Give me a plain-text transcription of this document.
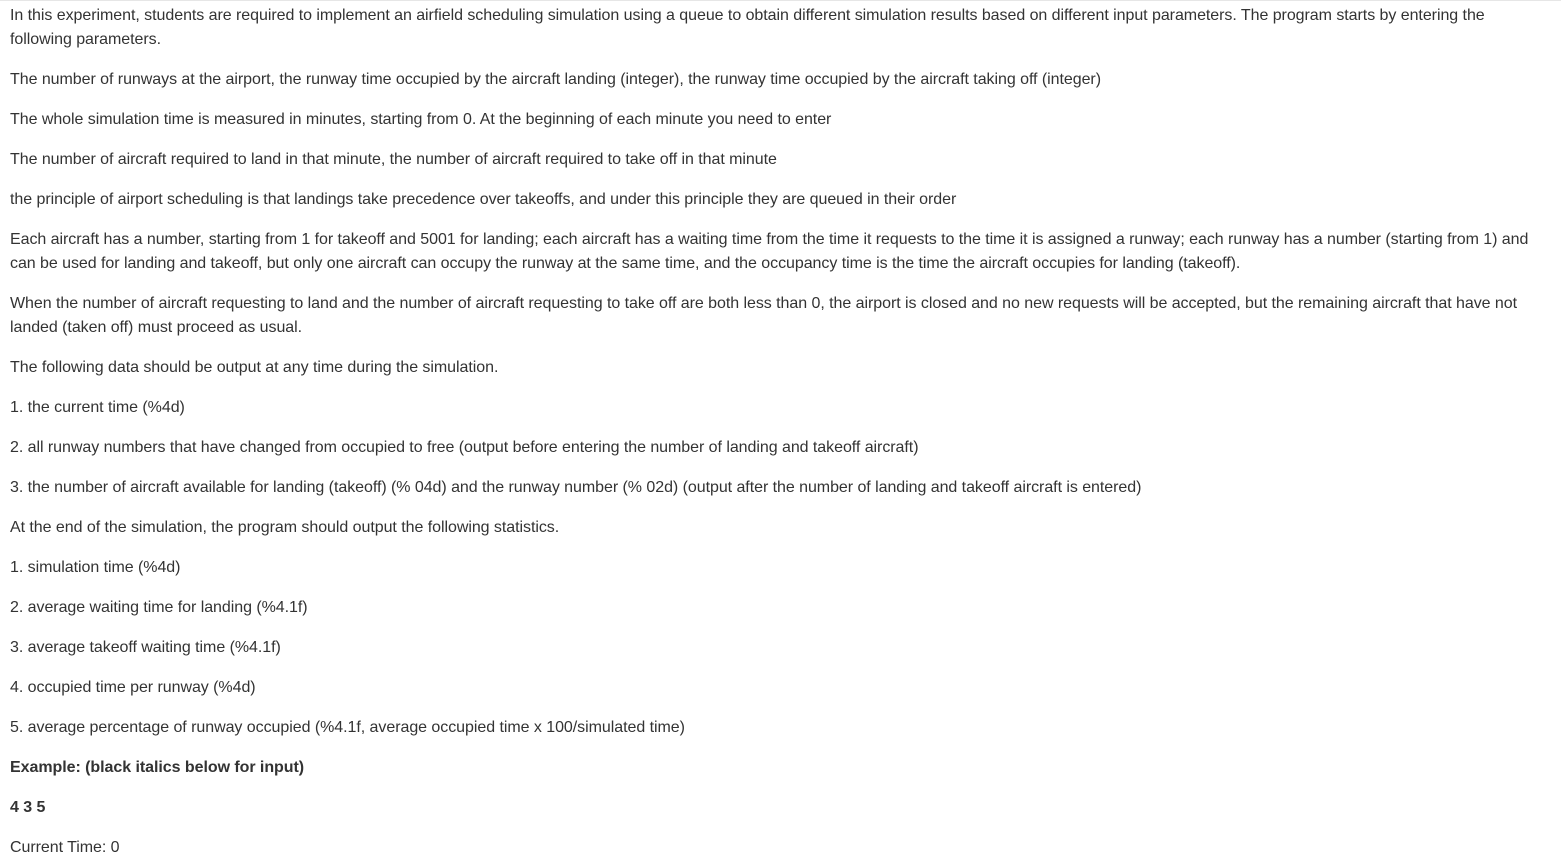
In this experiment, students are required to implement an airfield scheduling simulation using a queue to obtain different simulation results based on different input parameters. The program starts by entering the following parameters.

The number of runways at the airport, the runway time occupied by the aircraft landing (integer), the runway time occupied by the aircraft taking off (integer)

The whole simulation time is measured in minutes, starting from 0. At the beginning of each minute you need to enter

The number of aircraft required to land in that minute, the number of aircraft required to take off in that minute

the principle of airport scheduling is that landings take precedence over takeoffs, and under this principle they are queued in their order

Each aircraft has a number, starting from 1 for takeoff and 5001 for landing; each aircraft has a waiting time from the time it requests to the time it is assigned a runway; each runway has a number (starting from 1) and can be used for landing and takeoff, but only one aircraft can occupy the runway at the same time, and the occupancy time is the time the aircraft occupies for landing (takeoff).

When the number of aircraft requesting to land and the number of aircraft requesting to take off are both less than 0, the airport is closed and no new requests will be accepted, but the remaining aircraft that have not landed (taken off) must proceed as usual.

The following data should be output at any time during the simulation.

1. the current time (%4d)

2. all runway numbers that have changed from occupied to free (output before entering the number of landing and takeoff aircraft)

3. the number of aircraft available for landing (takeoff) (% 04d) and the runway number (% 02d) (output after the number of landing and takeoff aircraft is entered)

At the end of the simulation, the program should output the following statistics.

1. simulation time (%4d)

2. average waiting time for landing (%4.1f)

3. average takeoff waiting time (%4.1f)

4. occupied time per runway (%4d)

5. average percentage of runway occupied (%4.1f, average occupied time x 100/simulated time)

Example: (black italics below for input)

4 3 5

Current Time: 0
